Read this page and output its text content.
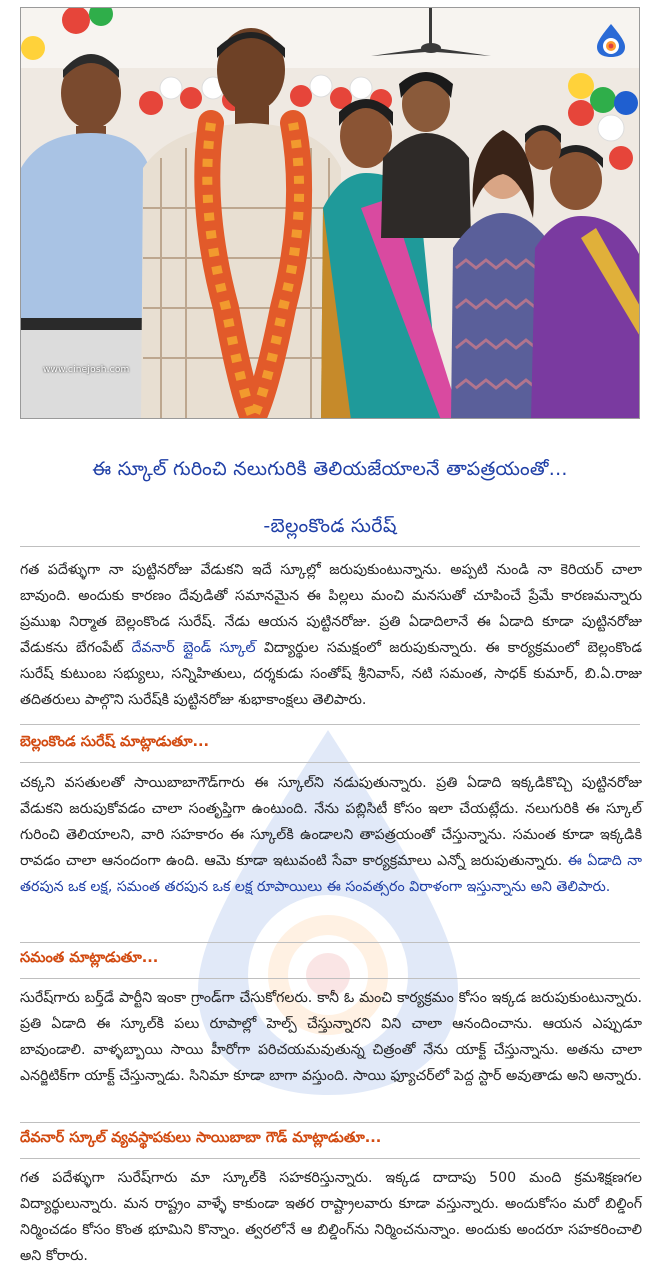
www.cinejosh.com
ఈ స్కూల్ గురించి నలుగురికి తెలియజేయాలనే తాపత్రయంతో...
-బెల్లంకొండ సురేష్

గత పదేళ్ళుగా నా పుట్టినరోజు వేడుకని ఇదే స్కూల్లో జరుపుకుంటున్నాను. అప్పటి నుండి నా కెరియర్ చాలా బావుంది. అందుకు కారణం దేవుడితో సమానమైన ఈ పిల్లలు మంచి మనసుతో చూపించే ప్రేమే కారణమన్నారు ప్రముఖ నిర్మాత బెల్లంకొండ సురేష్. నేడు ఆయన పుట్టినరోజు. ప్రతి ఏడాదిలానే ఈ ఏడాది కూడా పుట్టినరోజు వేడుకను బేగంపేట్ దేవనార్ బ్లైండ్ స్కూల్ విద్యార్థుల సమక్షంలో జరుపుకున్నారు. ఈ కార్యక్రమంలో బెల్లంకొండ సురేష్ కుటుంబ సభ్యులు, సన్నిహితులు, దర్శకుడు సంతోష్ శ్రీనివాస్, నటి సమంత, సాధక్ కుమార్, బి.ఏ.రాజు తదితరులు పాల్గొని సురేష్‌కి పుట్టినరోజు శుభాకాంక్షలు తెలిపారు.

బెల్లంకొండ సురేష్ మాట్లాడుతూ...

చక్కని వసతులతో సాయిబాబాగౌడ్‌గారు ఈ స్కూల్‌ని నడుపుతున్నారు. ప్రతి ఏడాది ఇక్కడికొచ్చి పుట్టినరోజు వేడుకని జరుపుకోవడం చాలా సంతృప్తిగా ఉంటుంది. నేను పబ్లిసిటీ కోసం ఇలా చేయట్లేదు. నలుగురికి ఈ స్కూల్ గురించి తెలియాలని, వారి సహకారం ఈ స్కూల్‌కి ఉండాలని తాపత్రయంతో చేస్తున్నాను. సమంత కూడా ఇక్కడికి రావడం చాలా ఆనందంగా ఉంది. ఆమె కూడా ఇటువంటి సేవా కార్యక్రమాలు ఎన్నో జరుపుతున్నారు. ఈ ఏడాది నా తరపున ఒక లక్ష, సమంత తరపున ఒక లక్ష రూపాయిలు ఈ సంవత్సరం విరాళంగా ఇస్తున్నాను అని తెలిపారు.

సమంత మాట్లాడుతూ...

సురేష్‌గారు బర్త్‌డే పార్టీని ఇంకా గ్రాండ్‌గా చేసుకోగలరు. కానీ ఓ మంచి కార్యక్రమం కోసం ఇక్కడ జరుపుకుంటున్నారు. ప్రతి ఏడాది ఈ స్కూల్‌కి పలు రూపాల్లో హెల్ప్ చేస్తున్నారని విని చాలా ఆనందించాను. ఆయన ఎప్పుడూ బావుండాలి. వాళ్ళబ్బాయి సాయి హీరోగా పరిచయమవుతున్న చిత్రంతో నేను యాక్ట్ చేస్తున్నాను. అతను చాలా ఎనర్జిటిక్‌గా యాక్ట్ చేస్తున్నాడు. సినిమా కూడా బాగా వస్తుంది. సాయి ఫ్యూచర్‌లో పెద్ద స్టార్ అవుతాడు అని అన్నారు.

దేవనార్ స్కూల్ వ్యవస్థాపకులు సాయిబాబా గౌడ్ మాట్లాడుతూ...

గత పదేళ్ళుగా సురేష్‌గారు మా స్కూల్‌కి సహకరిస్తున్నారు. ఇక్కడ దాదాపు 500 మంది క్రమశిక్షణగల విద్యార్థులున్నారు. మన రాష్ట్రం వాళ్ళే కాకుండా ఇతర రాష్ట్రాలవారు కూడా వస్తున్నారు. అందుకోసం మరో బిల్డింగ్ నిర్మించడం కోసం కొంత భూమిని కొన్నాం. త్వరలోనే ఆ బిల్డింగ్‌ను నిర్మించనున్నాం. అందుకు అందరూ సహకరించాలి అని కోరారు.
